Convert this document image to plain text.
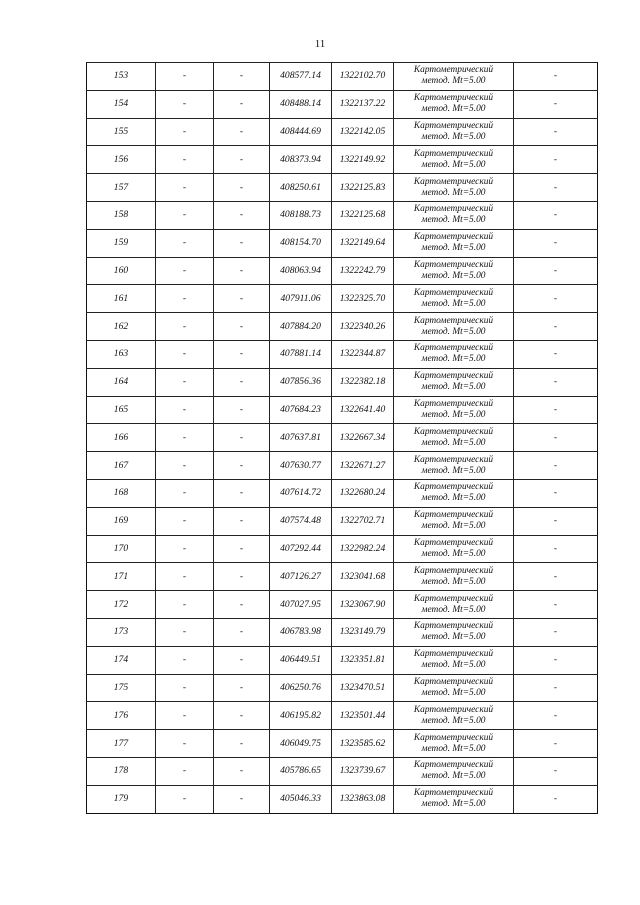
11
153	-	-	408577.14	1322102.70	Картометрический
метод. Мt=5.00	-
154	-	-	408488.14	1322137.22	Картометрический
метод. Мt=5.00	-
155	-	-	408444.69	1322142.05	Картометрический
метод. Мt=5.00	-
156	-	-	408373.94	1322149.92	Картометрический
метод. Мt=5.00	-
157	-	-	408250.61	1322125.83	Картометрический
метод. Мt=5.00	-
158	-	-	408188.73	1322125.68	Картометрический
метод. Мt=5.00	-
159	-	-	408154.70	1322149.64	Картометрический
метод. Мt=5.00	-
160	-	-	408063.94	1322242.79	Картометрический
метод. Мt=5.00	-
161	-	-	407911.06	1322325.70	Картометрический
метод. Мt=5.00	-
162	-	-	407884.20	1322340.26	Картометрический
метод. Мt=5.00	-
163	-	-	407881.14	1322344.87	Картометрический
метод. Мt=5.00	-
164	-	-	407856.36	1322382.18	Картометрический
метод. Мt=5.00	-
165	-	-	407684.23	1322641.40	Картометрический
метод. Мt=5.00	-
166	-	-	407637.81	1322667.34	Картометрический
метод. Мt=5.00	-
167	-	-	407630.77	1322671.27	Картометрический
метод. Мt=5.00	-
168	-	-	407614.72	1322680.24	Картометрический
метод. Мt=5.00	-
169	-	-	407574.48	1322702.71	Картометрический
метод. Мt=5.00	-
170	-	-	407292.44	1322982.24	Картометрический
метод. Мt=5.00	-
171	-	-	407126.27	1323041.68	Картометрический
метод. Мt=5.00	-
172	-	-	407027.95	1323067.90	Картометрический
метод. Мt=5.00	-
173	-	-	406783.98	1323149.79	Картометрический
метод. Мt=5.00	-
174	-	-	406449.51	1323351.81	Картометрический
метод. Мt=5.00	-
175	-	-	406250.76	1323470.51	Картометрический
метод. Мt=5.00	-
176	-	-	406195.82	1323501.44	Картометрический
метод. Мt=5.00	-
177	-	-	406049.75	1323585.62	Картометрический
метод. Мt=5.00	-
178	-	-	405786.65	1323739.67	Картометрический
метод. Мt=5.00	-
179	-	-	405046.33	1323863.08	Картометрический
метод. Мt=5.00	-
